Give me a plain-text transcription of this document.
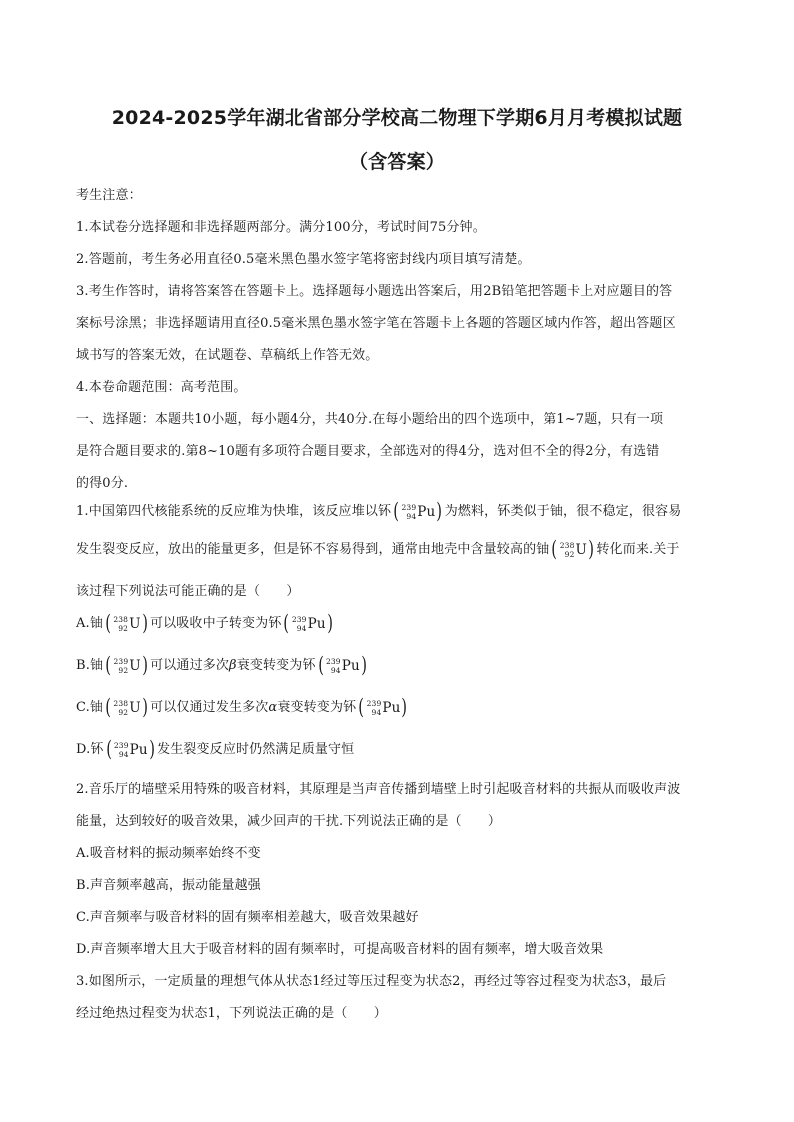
2024-2025学年湖北省部分学校高二物理下学期6月月考模拟试题
（含答案）
考生注意：
1.本试卷分选择题和非选择题两部分。满分100分，考试时间75分钟。
2.答题前，考生务必用直径0.5毫米黑色墨水签字笔将密封线内项目填写清楚。
3.考生作答时，请将答案答在答题卡上。选择题每小题选出答案后，用2B铅笔把答题卡上对应题目的答
案标号涂黑；非选择题请用直径0.5毫米黑色墨水签字笔在答题卡上各题的答题区域内作答，超出答题区
域书写的答案无效，在试题卷、草稿纸上作答无效。
4.本卷命题范围：高考范围。
一、选择题：本题共10小题，每小题4分，共40分.在每小题给出的四个选项中，第1~7题，只有一项
是符合题目要求的.第8~10题有多项符合题目要求，全部选对的得4分，选对但不全的得2分，有选错
的得0分.
1.中国第四代核能系统的反应堆为快堆，该反应堆以钚 ( 239
94 Pu ) 为燃料，钚类似于铀，很不稳定，很容易
发生裂变反应，放出的能量更多，但是钚不容易得到，通常由地壳中含量较高的铀 ( 238
92 U ) 转化而来.关于
该过程下列说法可能正确的是（　　）
A.铀 ( 238
92 U ) 可以吸收中子转变为钚 ( 239
94 Pu )
B.铀 ( 239
92 U ) 可以通过多次β衰变转变为钚 ( 239
94 Pu )
C.铀 ( 238
92 U ) 可以仅通过发生多次α衰变转变为钚 ( 239
94 Pu )
D.钚 ( 239
94 Pu ) 发生裂变反应时仍然满足质量守恒
2.音乐厅的墙壁采用特殊的吸音材料，其原理是当声音传播到墙壁上时引起吸音材料的共振从而吸收声波
能量，达到较好的吸音效果，减少回声的干扰.下列说法正确的是（　　）
A.吸音材料的振动频率始终不变
B.声音频率越高，振动能量越强
C.声音频率与吸音材料的固有频率相差越大，吸音效果越好
D.声音频率增大且大于吸音材料的固有频率时，可提高吸音材料的固有频率，增大吸音效果
3.如图所示，一定质量的理想气体从状态1经过等压过程变为状态2，再经过等容过程变为状态3，最后
经过绝热过程变为状态1，下列说法正确的是（　　）
